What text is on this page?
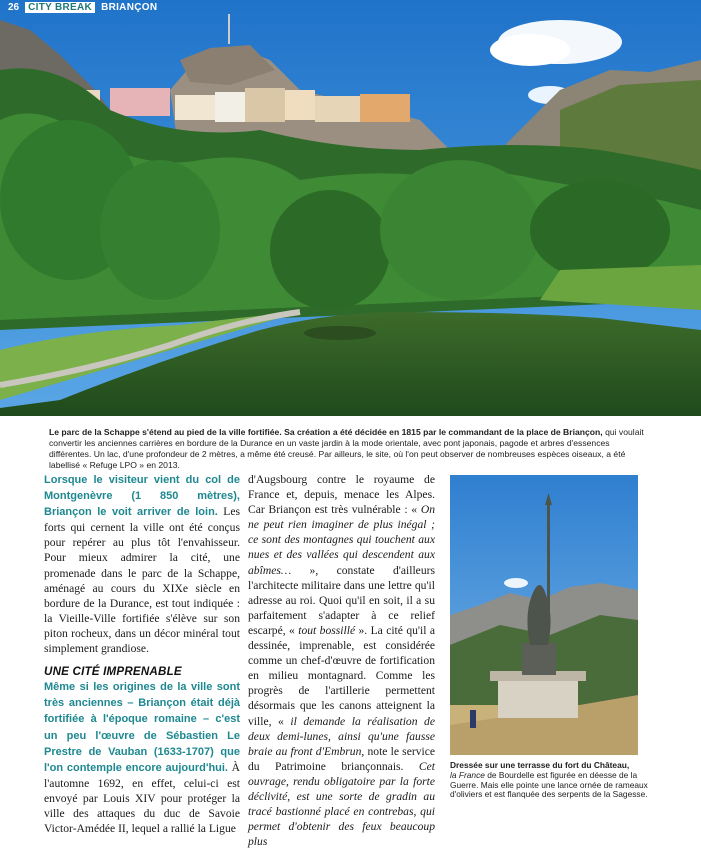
26 CITY BREAK BRIANÇON
Le parc de la Schappe s'étend au pied de la ville fortifiée. Sa création a été décidée en 1815 par le commandant de la place de Briançon, qui voulait convertir les anciennes carrières en bordure de la Durance en un vaste jardin à la mode orientale, avec pont japonais, pagode et arbres d'essences différentes. Un lac, d'une profondeur de 2 mètres, a même été creusé. Par ailleurs, le site, où l'on peut observer de nombreuses espèces oiseaux, a été labellisé « Refuge LPO » en 2013.
Lorsque le visiteur vient du col de Montgenèvre (1 850 mètres), Briançon le voit arriver de loin. Les forts qui cernent la ville ont été conçus pour repérer au plus tôt l'envahisseur. Pour mieux admirer la cité, une promenade dans le parc de la Schappe, aménagé au cours du XIXe siècle en bordure de la Durance, est tout indiquée : la Vieille-Ville fortifiée s'élève sur son piton rocheux, dans un décor minéral tout simplement grandiose.
UNE CITÉ IMPRENABLE
Même si les origines de la ville sont très anciennes – Briançon était déjà fortifiée à l'époque romaine – c'est un peu l'œuvre de Sébastien Le Prestre de Vauban (1633-1707) que l'on contemple encore aujourd'hui. À l'automne 1692, en effet, celui-ci est envoyé par Louis XIV pour protéger la ville des attaques du duc de Savoie Victor-Amédée II, lequel a rallié la Ligue
d'Augsbourg contre le royaume de France et, depuis, menace les Alpes. Car Briançon est très vulnérable : « On ne peut rien imaginer de plus inégal ; ce sont des montagnes qui touchent aux nues et des vallées qui descendent aux abîmes… », constate d'ailleurs l'architecte militaire dans une lettre qu'il adresse au roi. Quoi qu'il en soit, il a su parfaitement s'adapter à ce relief escarpé, « tout bossillé ». La cité qu'il a dessinée, imprenable, est considérée comme un chef-d'œuvre de fortification en milieu montagnard. Comme les progrès de l'artillerie permettent désormais que les canons atteignent la ville, « il demande la réalisation de deux demi-lunes, ainsi qu'une fausse braie au front d'Embrun, note le service du Patrimoine briançonnais. Cet ouvrage, rendu obligatoire par la forte déclivité, est une sorte de gradin au tracé bastionné placé en contrebas, qui permet d'obtenir des feux beaucoup plus
Dressée sur une terrasse du fort du Château,
la France de Bourdelle est figurée en déesse de la Guerre. Mais elle pointe une lance ornée de rameaux d'oliviers et est flanquée des serpents de la Sagesse.
